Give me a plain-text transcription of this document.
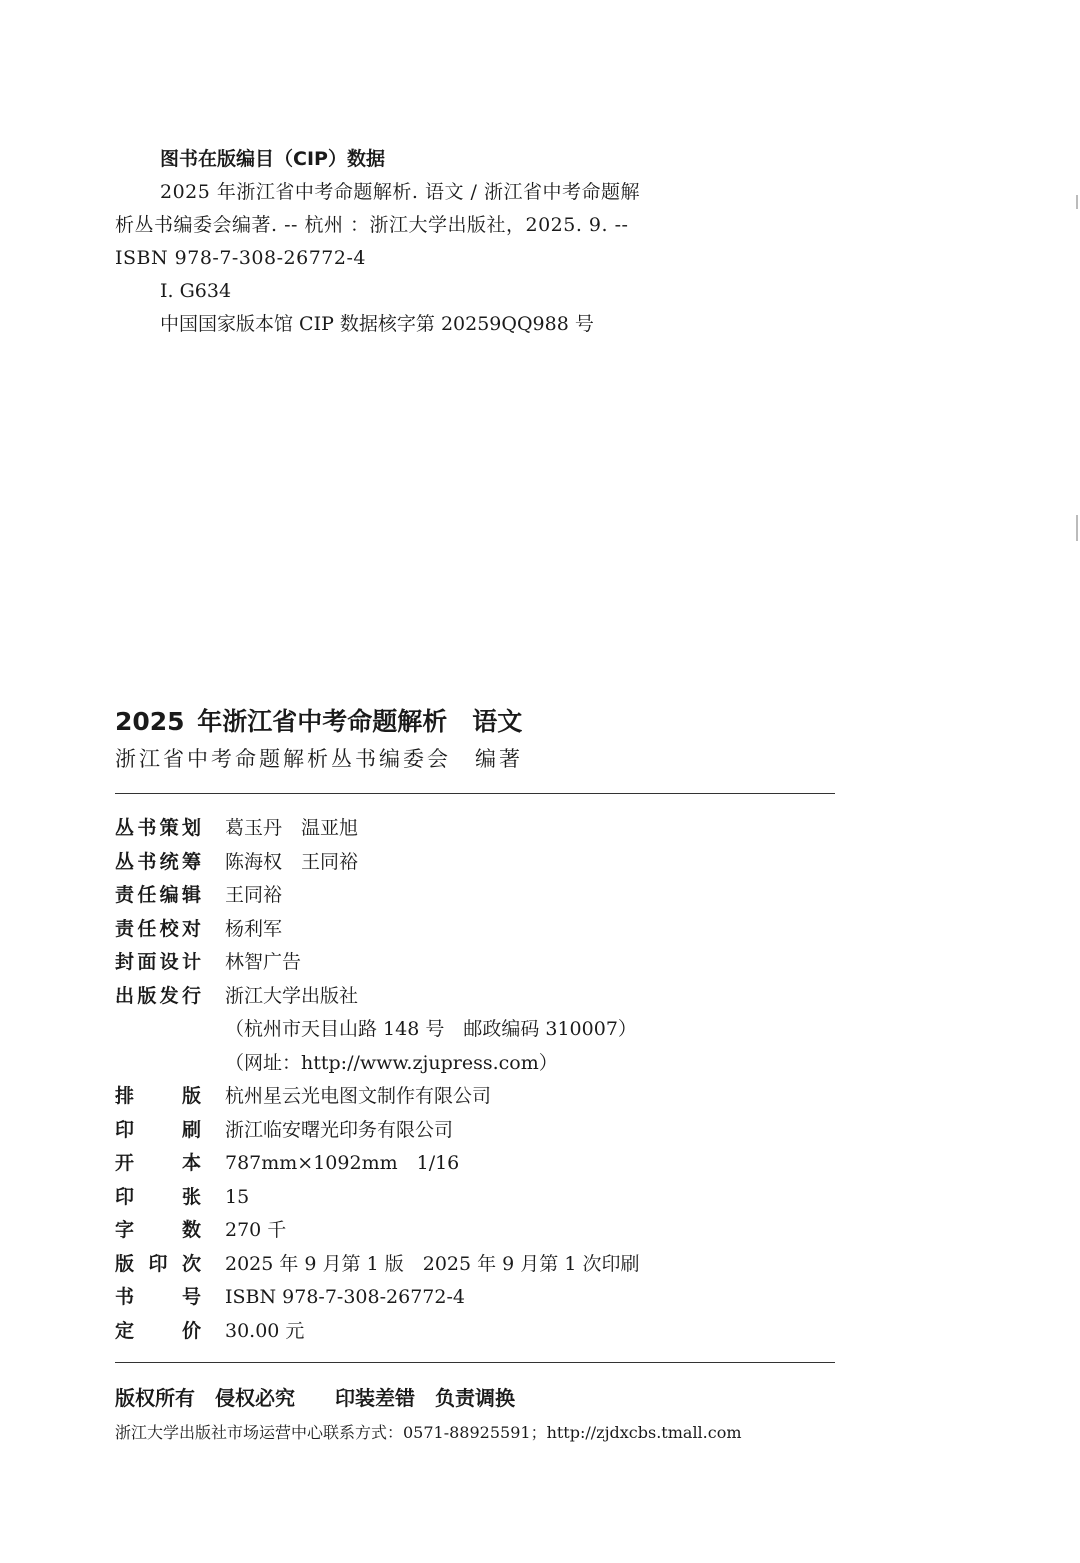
图书在版编目（CIP）数据
2025 年浙江省中考命题解析. 语文 / 浙江省中考命题解析丛书编委会编著. -- 杭州 ：浙江大学出版社，2025. 9. -- ISBN 978-7-308-26772-4
Ⅰ. G634
中国国家版本馆 CIP 数据核字第 20259QQ988 号
2025 年浙江省中考命题解析　语文
浙江省中考命题解析丛书编委会　编著
丛书策划 葛玉丹　温亚旭
丛书统筹 陈海权　王同裕
责任编辑 王同裕
责任校对 杨利军
封面设计 林智广告
出版发行 浙江大学出版社
（杭州市天目山路 148 号　邮政编码 310007）
（网址：http://www.zjupress.com）
排版 杭州星云光电图文制作有限公司
印刷 浙江临安曙光印务有限公司
开本 787mm×1092mm　1/16
印张 15
字数 270 千
版印次 2025 年 9 月第 1 版　2025 年 9 月第 1 次印刷
书号 ISBN 978-7-308-26772-4
定价 30.00 元
版权所有　侵权必究　　印装差错　负责调换
浙江大学出版社市场运营中心联系方式：0571-88925591；http://zjdxcbs.tmall.com
